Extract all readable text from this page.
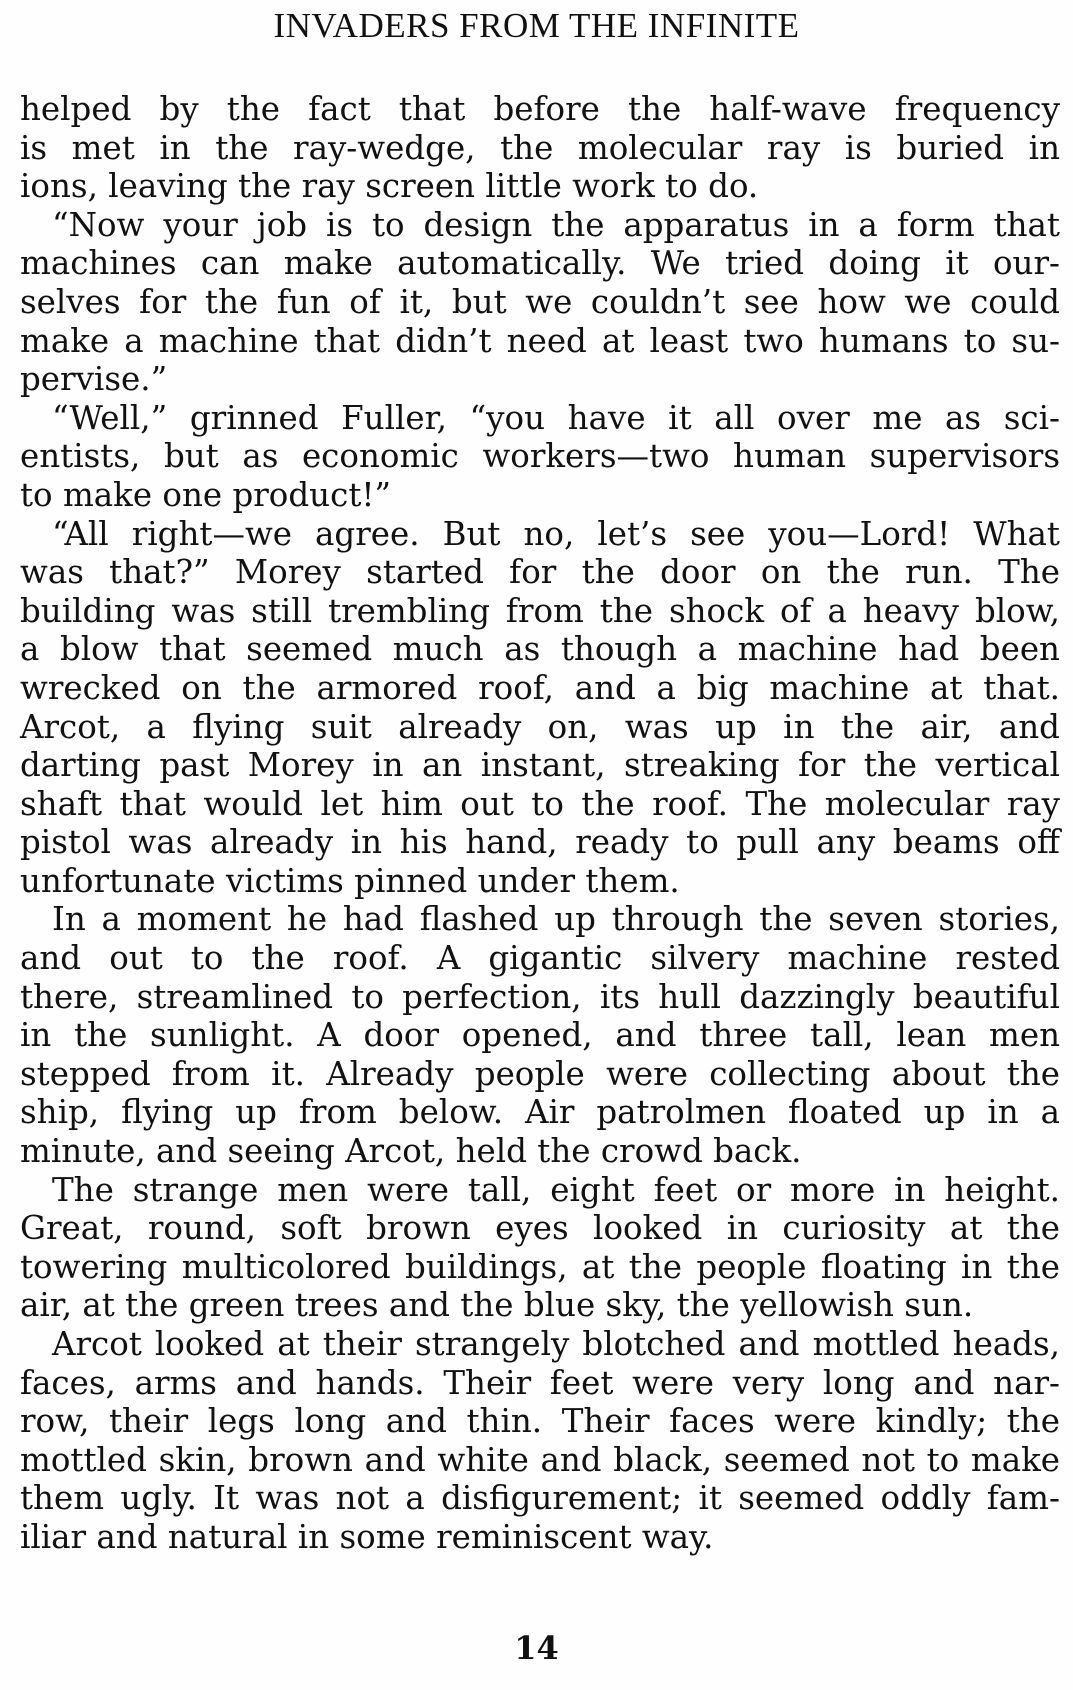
INVADERS FROM THE INFINITE
helped by the fact that before the half-wave frequency
is met in the ray-wedge, the molecular ray is buried in
ions, leaving the ray screen little work to do.
“Now your job is to design the apparatus in a form that
machines can make automatically. We tried doing it our-
selves for the fun of it, but we couldn’t see how we could
make a machine that didn’t need at least two humans to su-
pervise.”
“Well,” grinned Fuller, “you have it all over me as sci-
entists, but as economic workers—two human supervisors
to make one product!”
“All right—we agree. But no, let’s see you—Lord! What
was that?” Morey started for the door on the run. The
building was still trembling from the shock of a heavy blow,
a blow that seemed much as though a machine had been
wrecked on the armored roof, and a big machine at that.
Arcot, a flying suit already on, was up in the air, and
darting past Morey in an instant, streaking for the vertical
shaft that would let him out to the roof. The molecular ray
pistol was already in his hand, ready to pull any beams off
unfortunate victims pinned under them.
In a moment he had flashed up through the seven stories,
and out to the roof. A gigantic silvery machine rested
there, streamlined to perfection, its hull dazzingly beautiful
in the sunlight. A door opened, and three tall, lean men
stepped from it. Already people were collecting about the
ship, flying up from below. Air patrolmen floated up in a
minute, and seeing Arcot, held the crowd back.
The strange men were tall, eight feet or more in height.
Great, round, soft brown eyes looked in curiosity at the
towering multicolored buildings, at the people floating in the
air, at the green trees and the blue sky, the yellowish sun.
Arcot looked at their strangely blotched and mottled heads,
faces, arms and hands. Their feet were very long and nar-
row, their legs long and thin. Their faces were kindly; the
mottled skin, brown and white and black, seemed not to make
them ugly. It was not a disfigurement; it seemed oddly fam-
iliar and natural in some reminiscent way.
14
